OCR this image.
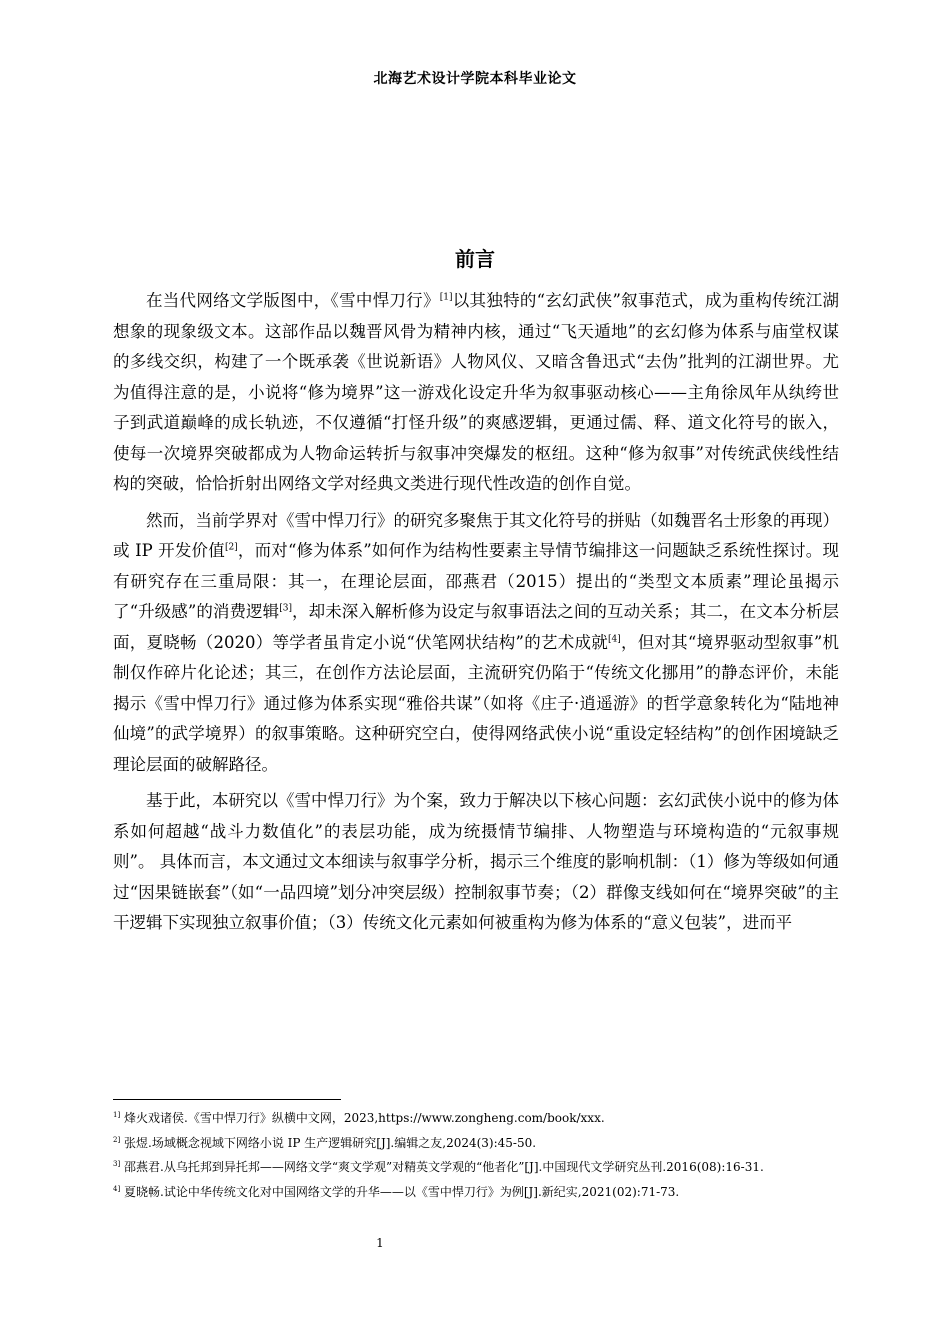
北海艺术设计学院本科毕业论文
前言

在当代网络文学版图中，《雪中悍刀行》[1]以其独特的“玄幻武侠”叙事范式，成为重构传统江湖想象的现象级文本。这部作品以魏晋风骨为精神内核，通过“飞天遁地”的玄幻修为体系与庙堂权谋的多线交织，构建了一个既承袭《世说新语》人物风仪、又暗含鲁迅式“去伪”批判的江湖世界。尤为值得注意的是，小说将“修为境界”这一游戏化设定升华为叙事驱动核心——主角徐凤年从纨绔世子到武道巅峰的成长轨迹，不仅遵循“打怪升级”的爽感逻辑，更通过儒、释、道文化符号的嵌入，使每一次境界突破都成为人物命运转折与叙事冲突爆发的枢纽。这种“修为叙事”对传统武侠线性结构的突破，恰恰折射出网络文学对经典文类进行现代性改造的创作自觉。

然而，当前学界对《雪中悍刀行》的研究多聚焦于其文化符号的拼贴（如魏晋名士形象的再现）或 IP 开发价值[2]，而对“修为体系”如何作为结构性要素主导情节编排这一问题缺乏系统性探讨。现有研究存在三重局限：其一，在理论层面，邵燕君（2015）提出的“类型文本质素”理论虽揭示了“升级感”的消费逻辑[3]，却未深入解析修为设定与叙事语法之间的互动关系；其二，在文本分析层面，夏晓畅（2020）等学者虽肯定小说“伏笔网状结构”的艺术成就[4]，但对其“境界驱动型叙事”机制仅作碎片化论述；其三，在创作方法论层面，主流研究仍陷于“传统文化挪用”的静态评价，未能揭示《雪中悍刀行》通过修为体系实现“雅俗共谋”（如将《庄子·逍遥游》的哲学意象转化为“陆地神仙境”的武学境界）的叙事策略。这种研究空白，使得网络武侠小说“重设定轻结构”的创作困境缺乏理论层面的破解路径。

基于此，本研究以《雪中悍刀行》为个案，致力于解决以下核心问题：玄幻武侠小说中的修为体系如何超越“战斗力数值化”的表层功能，成为统摄情节编排、人物塑造与环境构造的“元叙事规则”。 具体而言，本文通过文本细读与叙事学分析，揭示三个维度的影响机制：（1）修为等级如何通过“因果链嵌套”（如“一品四境”划分冲突层级）控制叙事节奏；（2）群像支线如何在“境界突破”的主干逻辑下实现独立叙事价值；（3）传统文化元素如何被重构为修为体系的“意义包装”，进而平

$^{1]}$ 烽火戏诸侯.《雪中悍刀行》纵横中文网，2023,https://www.zongheng.com/book/xxx.

$^{2]}$ 张煜.场域概念视域下网络小说 IP 生产逻辑研究[J].编辑之友,2024(3):45-50.

$^{3]}$ 邵燕君.从乌托邦到异托邦——网络文学“爽文学观”对精英文学观的“他者化”[J].中国现代文学研究丛刊.2016(08):16-31.

$^{4]}$ 夏晓畅.试论中华传统文化对中国网络文学的升华——以《雪中悍刀行》为例[J].新纪实,2021(02):71-73.

1
